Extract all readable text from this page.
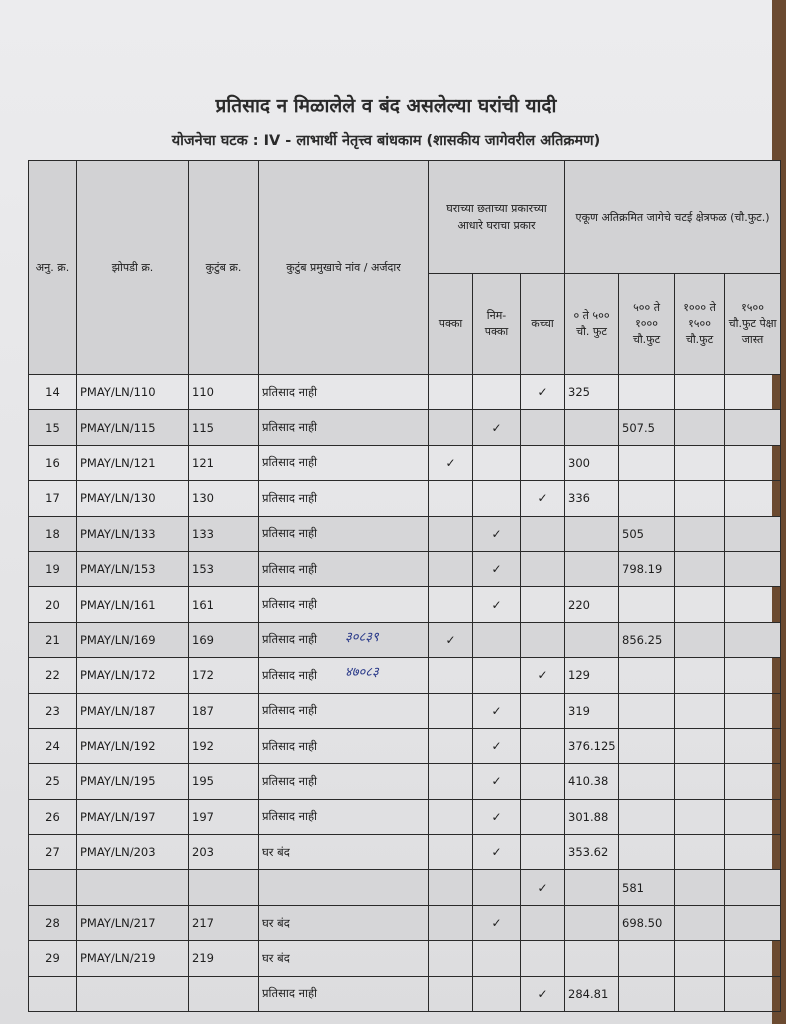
प्रतिसाद न मिळालेले व बंद असलेल्या घरांची यादी
योजनेचा घटक : IV - लाभार्थी नेतृत्त्व बांधकाम (शासकीय जागेवरील अतिक्रमण)
अनु. क्र.	झोपडी क्र.	कुटुंब क्र.	कुटुंब प्रमुखाचे नांव / अर्जदार	घराच्या छताच्या प्रकारच्या आधारे घराचा प्रकार			एकूण अतिक्रमित जागेचे चटई क्षेत्रफळ (चौ.फुट.)			
				पक्का	निम-पक्का	कच्चा	० ते ५०० चौ. फुट	५०० ते १००० चौ.फुट	१००० ते १५०० चौ.फुट	१५०० चौ.फुट पेक्षा जास्त
14	PMAY/LN/110	110	प्रतिसाद नाही			✓	325			
15	PMAY/LN/115	115	प्रतिसाद नाही		✓			507.5		
16	PMAY/LN/121	121	प्रतिसाद नाही	✓			300			
17	PMAY/LN/130	130	प्रतिसाद नाही			✓	336			
18	PMAY/LN/133	133	प्रतिसाद नाही		✓			505		
19	PMAY/LN/153	153	प्रतिसाद नाही		✓			798.19		
20	PMAY/LN/161	161	प्रतिसाद नाही		✓		220			
21	PMAY/LN/169	169	प्रतिसाद नाही ३०८३९	✓				856.25		
22	PMAY/LN/172	172	प्रतिसाद नाही ४७०८३			✓	129			
23	PMAY/LN/187	187	प्रतिसाद नाही		✓		319			
24	PMAY/LN/192	192	प्रतिसाद नाही		✓		376.125			
25	PMAY/LN/195	195	प्रतिसाद नाही		✓		410.38			
26	PMAY/LN/197	197	प्रतिसाद नाही		✓		301.88			
27	PMAY/LN/203	203	घर बंद		✓		353.62			
						✓		581		
28	PMAY/LN/217	217	घर बंद		✓			698.50		
29	PMAY/LN/219	219	घर बंद							
			प्रतिसाद नाही			✓	284.81			
